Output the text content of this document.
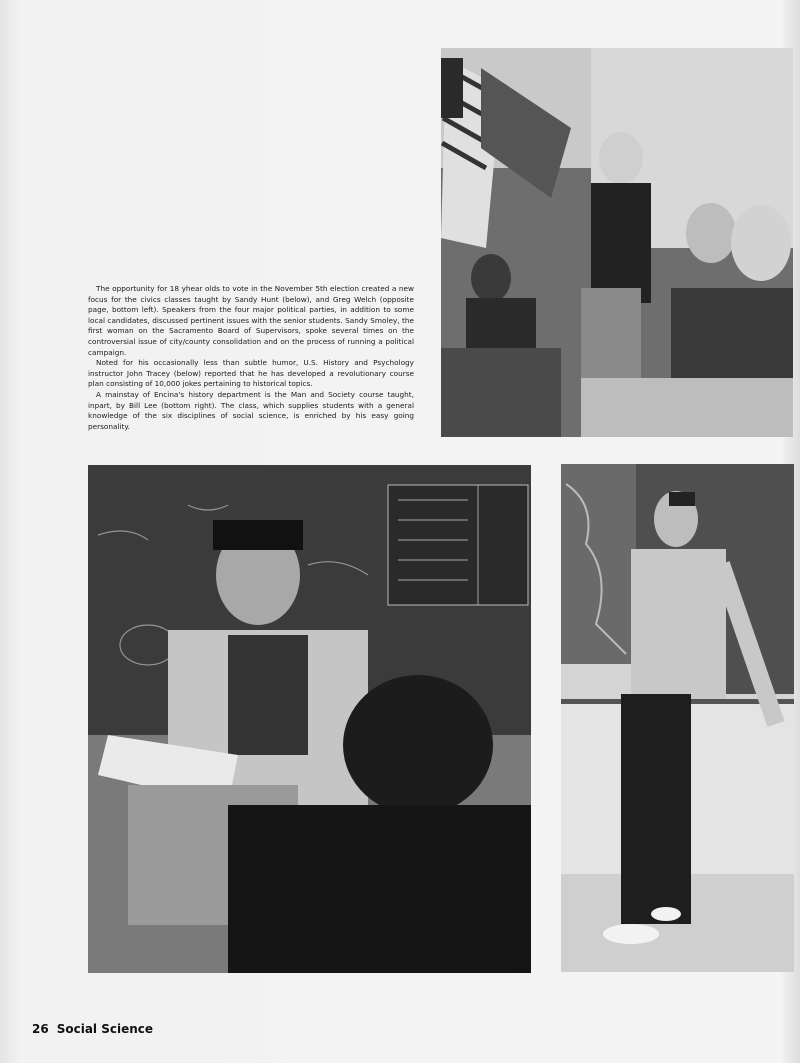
The opportunity for 18 yhear olds to vote in the November 5th election created a new focus for the civics classes taught by Sandy Hunt (below), and Greg Welch (opposite page, bottom left). Speakers from the four major political parties, in addition to some local candidates, discussed pertinent issues with the senior students. Sandy Smoley, the first woman on the Sacramento Board of Supervisors, spoke several times on the controversial issue of city/county consolidation and on the process of running a political campaign.

Noted for his occasionally less than subtle humor, U.S. History and Psychology instructor John Tracey (below) reported that he has developed a revolutionary course plan consisting of 10,000 jokes pertaining to historical topics.

A mainstay of Encina's history department is the Man and Society course taught, inpart, by Bill Lee (bottom right). The class, which supplies students with a general knowledge of the six disciplines of social science, is enriched by his easy going personality.

26 Social Science
